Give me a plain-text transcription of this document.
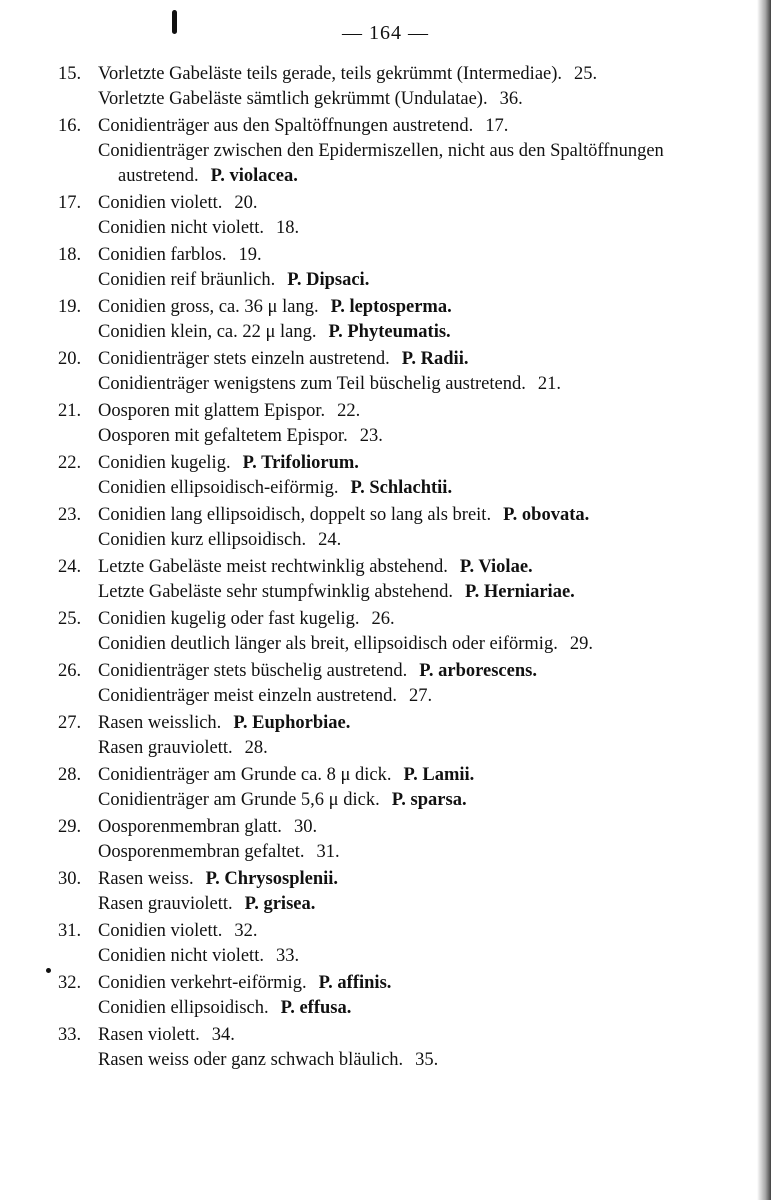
— 164 —
15. Vorletzte Gabeläste teils gerade, teils gekrümmt (Intermediae). 25.
Vorletzte Gabeläste sämtlich gekrümmt (Undulatae). 36.
16. Conidienträger aus den Spaltöffnungen austretend. 17.
Conidienträger zwischen den Epidermiszellen, nicht aus den Spaltöffnungen
austretend. P. violacea.
17. Conidien violett. 20.
Conidien nicht violett. 18.
18. Conidien farblos. 19.
Conidien reif bräunlich. P. Dipsaci.
19. Conidien gross, ca. 36 μ lang. P. leptosperma.
Conidien klein, ca. 22 μ lang. P. Phyteumatis.
20. Conidienträger stets einzeln austretend. P. Radii.
Conidienträger wenigstens zum Teil büschelig austretend. 21.
21. Oosporen mit glattem Epispor. 22.
Oosporen mit gefaltetem Epispor. 23.
22. Conidien kugelig. P. Trifoliorum.
Conidien ellipsoidisch-eiförmig. P. Schlachtii.
23. Conidien lang ellipsoidisch, doppelt so lang als breit. P. obovata.
Conidien kurz ellipsoidisch. 24.
24. Letzte Gabeläste meist rechtwinklig abstehend. P. Violae.
Letzte Gabeläste sehr stumpfwinklig abstehend. P. Herniariae.
25. Conidien kugelig oder fast kugelig. 26.
Conidien deutlich länger als breit, ellipsoidisch oder eiförmig. 29.
26. Conidienträger stets büschelig austretend. P. arborescens.
Conidienträger meist einzeln austretend. 27.
27. Rasen weisslich. P. Euphorbiae.
Rasen grauviolett. 28.
28. Conidienträger am Grunde ca. 8 μ dick. P. Lamii.
Conidienträger am Grunde 5,6 μ dick. P. sparsa.
29. Oosporenmembran glatt. 30.
Oosporenmembran gefaltet. 31.
30. Rasen weiss. P. Chrysosplenii.
Rasen grauviolett. P. grisea.
31. Conidien violett. 32.
Conidien nicht violett. 33.
32. Conidien verkehrt-eiförmig. P. affinis.
Conidien ellipsoidisch. P. effusa.
33. Rasen violett. 34.
Rasen weiss oder ganz schwach bläulich. 35.
